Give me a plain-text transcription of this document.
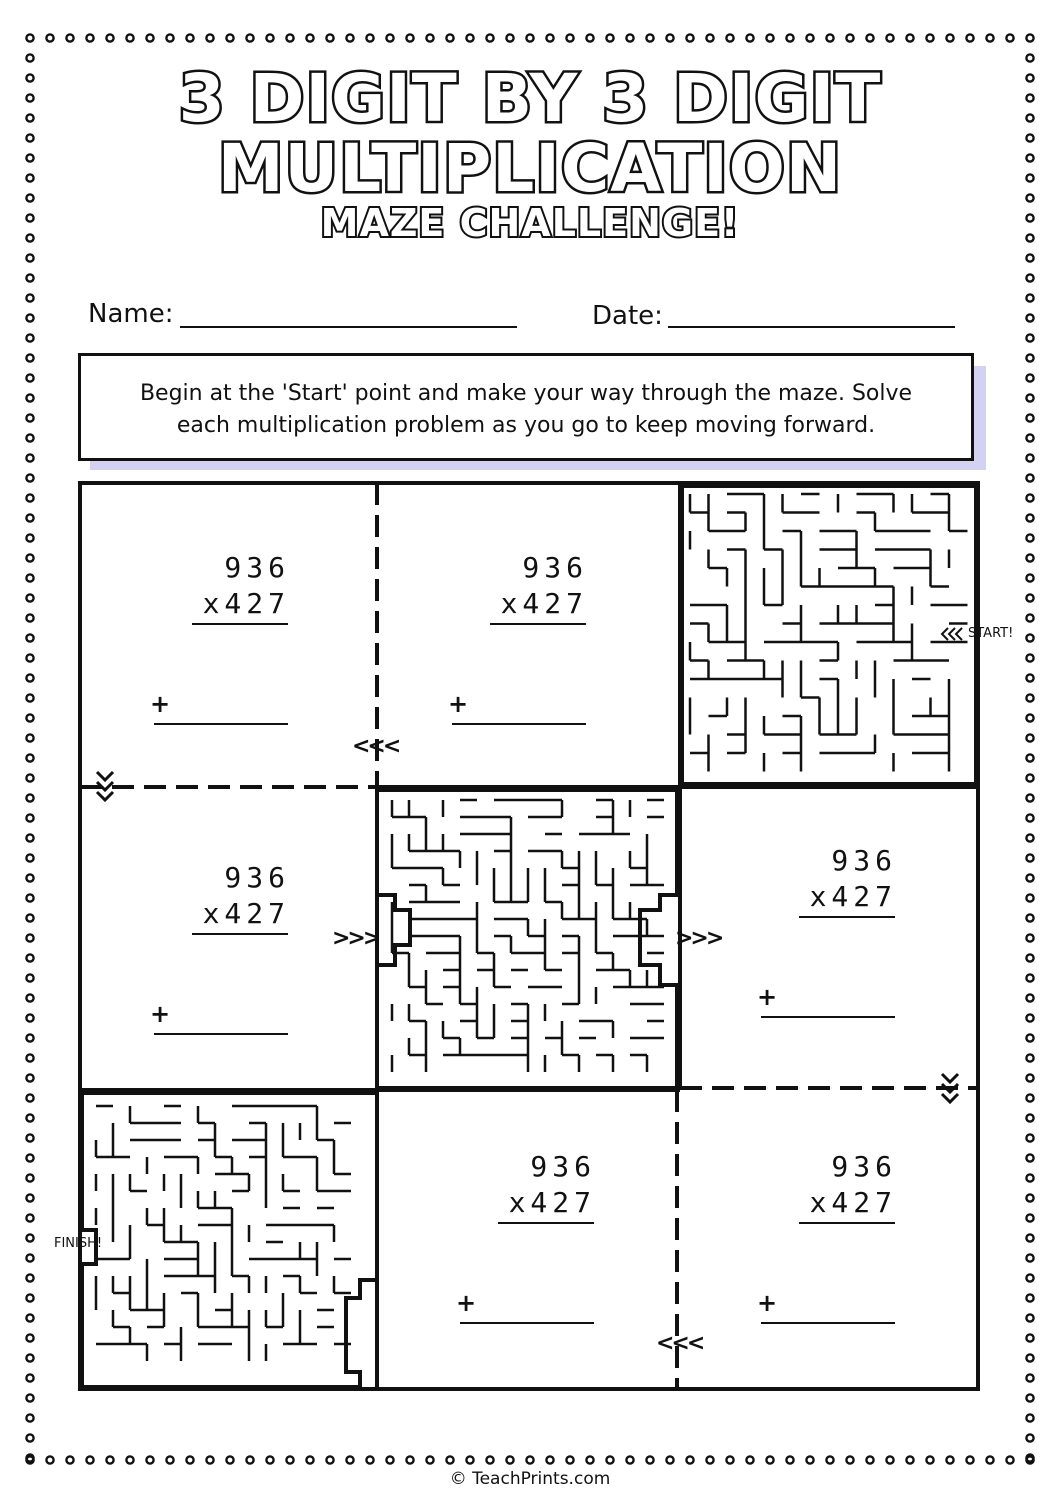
3 DIGIT BY 3 DIGIT
MULTIPLICATION
MAZE CHALLENGE!
Name:	Date:

Begin at the 'Start' point and make your way through the maze. Solve
each multiplication problem as you go to keep moving forward.

936
x427
+
936
x427
+
936
x427
+
936
x427
+
936
x427
+
936
x427
+
<<<
<<<
>>>	>>>
START!
FINISH!
© TeachPrints.com
